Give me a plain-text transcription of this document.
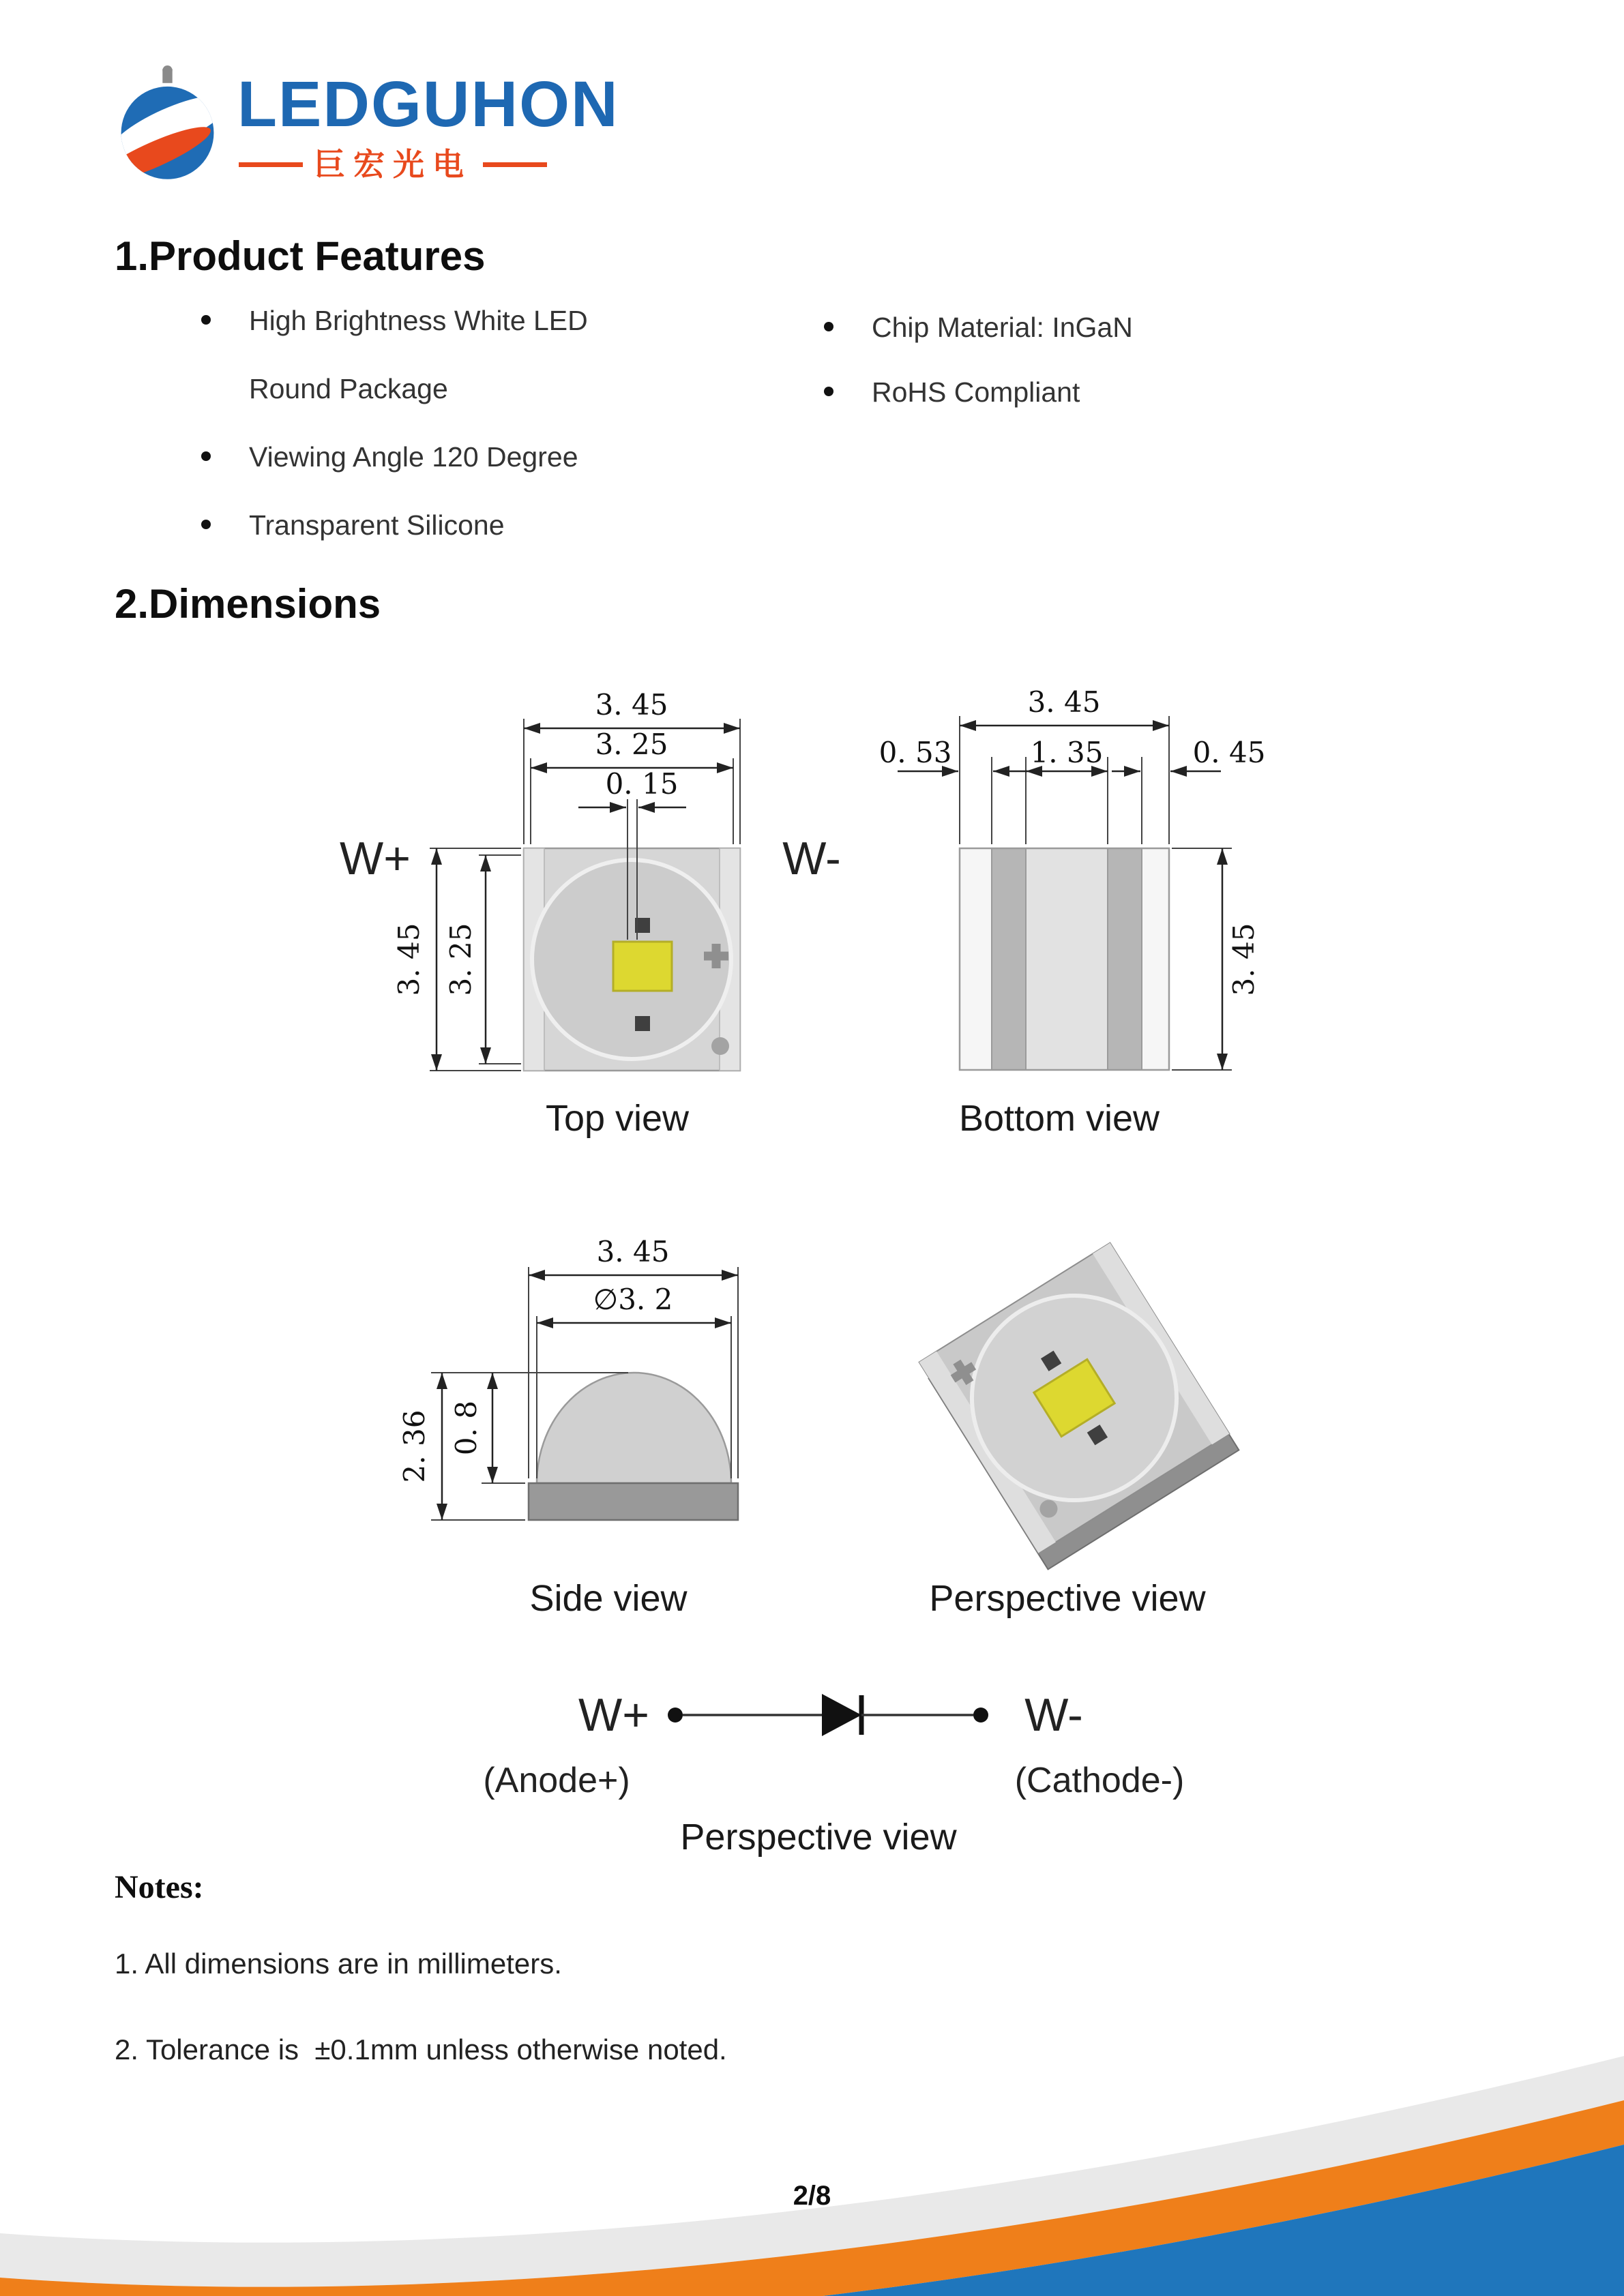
LEDGUHON
巨宏光电
1.Product Features
High Brightness White LED
Round Package
Viewing Angle 120 Degree
Transparent Silicone
Chip Material: InGaN
RoHS Compliant
2.Dimensions
3. 45
3. 25
0. 15
3. 45 3. 25
W+	W-
Top view
3. 45
0. 53	1. 35	0. 45
3. 45
Bottom view
3. 45
∅3. 2
2. 36 0. 8
Side view	Perspective view
W+	W-
(Anode+)	(Cathode-)
Perspective view
Notes:
1. All dimensions are in millimeters.
2. Tolerance is  ±0.1mm unless otherwise noted.
2/8
